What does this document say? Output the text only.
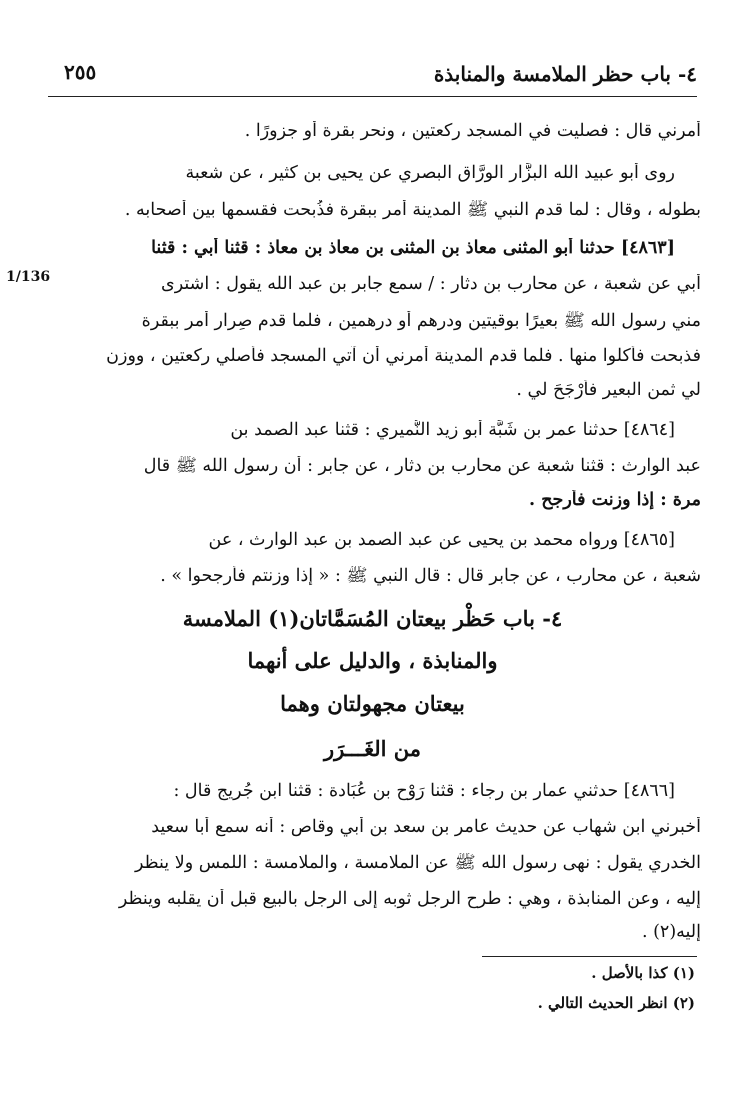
٤- باب حظر الملامسة والمنابذة
٢٥٥
1/136
أمرني قال : فصليت في المسجد ركعتين ، ونحر بقرة أو جزورًا .
روى أبو عبيد الله البزَّار الورَّاق البصري عن يحيى بن كثير ، عن شعبة
بطوله ، وقال : لما قدم النبي ﷺ المدينة أمر ببقرة فذُبحت فقسمها بين أصحابه .
[٤٨٦٣] حدثنا أبو المثنى معاذ بن المثنى بن معاذ بن معاذ : قثنا أبي : قثنا
أبي عن شعبة ، عن محارب بن دثار : / سمع جابر بن عبد الله يقول : اشترى
مني رسول الله ﷺ بعيرًا بوقيتين ودرهم أو درهمين ، فلما قدم صِرار أمر ببقرة
فذبحت فأكلوا منها . فلما قدم المدينة أمرني أن آتي المسجد فأصلي ركعتين ، ووزن
لي ثمن البعير فأرْجَحَ لي .
[٤٨٦٤] حدثنا عمر بن شَبَّة أبو زيد النُّميري : قثنا عبد الصمد بن
عبد الوارث : قثنا شعبة عن محارب بن دثار ، عن جابر : أن رسول الله ﷺ قال
مرة : إذا وزنت فأرجح .
[٤٨٦٥] ورواه محمد بن يحيى عن عبد الصمد بن عبد الوارث ، عن
شعبة ، عن محارب ، عن جابر قال : قال النبي ﷺ : « إذا وزنتم فأرجحوا » .
٤- باب حَظْر بيعتان المُسَمَّاتان(١) الملامسة
والمنابذة ، والدليل على أنهما
بيعتان مجهولتان وهما
من الغَـــرَر
[٤٨٦٦] حدثني عمار بن رجاء : قثنا رَوْح بن عُبَادة : قثنا ابن جُريج قال :
أخبرني ابن شهاب عن حديث عامر بن سعد بن أبي وقاص : أنه سمع أبا سعيد
الخدري يقول : نهى رسول الله ﷺ عن الملامسة ، والملامسة : اللمس ولا ينظر
إليه ، وعن المنابذة ، وهي : طرح الرجل ثوبه إلى الرجل بالبيع قبل أن يقلبه وينظر
إليه(٢) .
(١) كذا بالأصل .
(٢) انظر الحديث التالي .
